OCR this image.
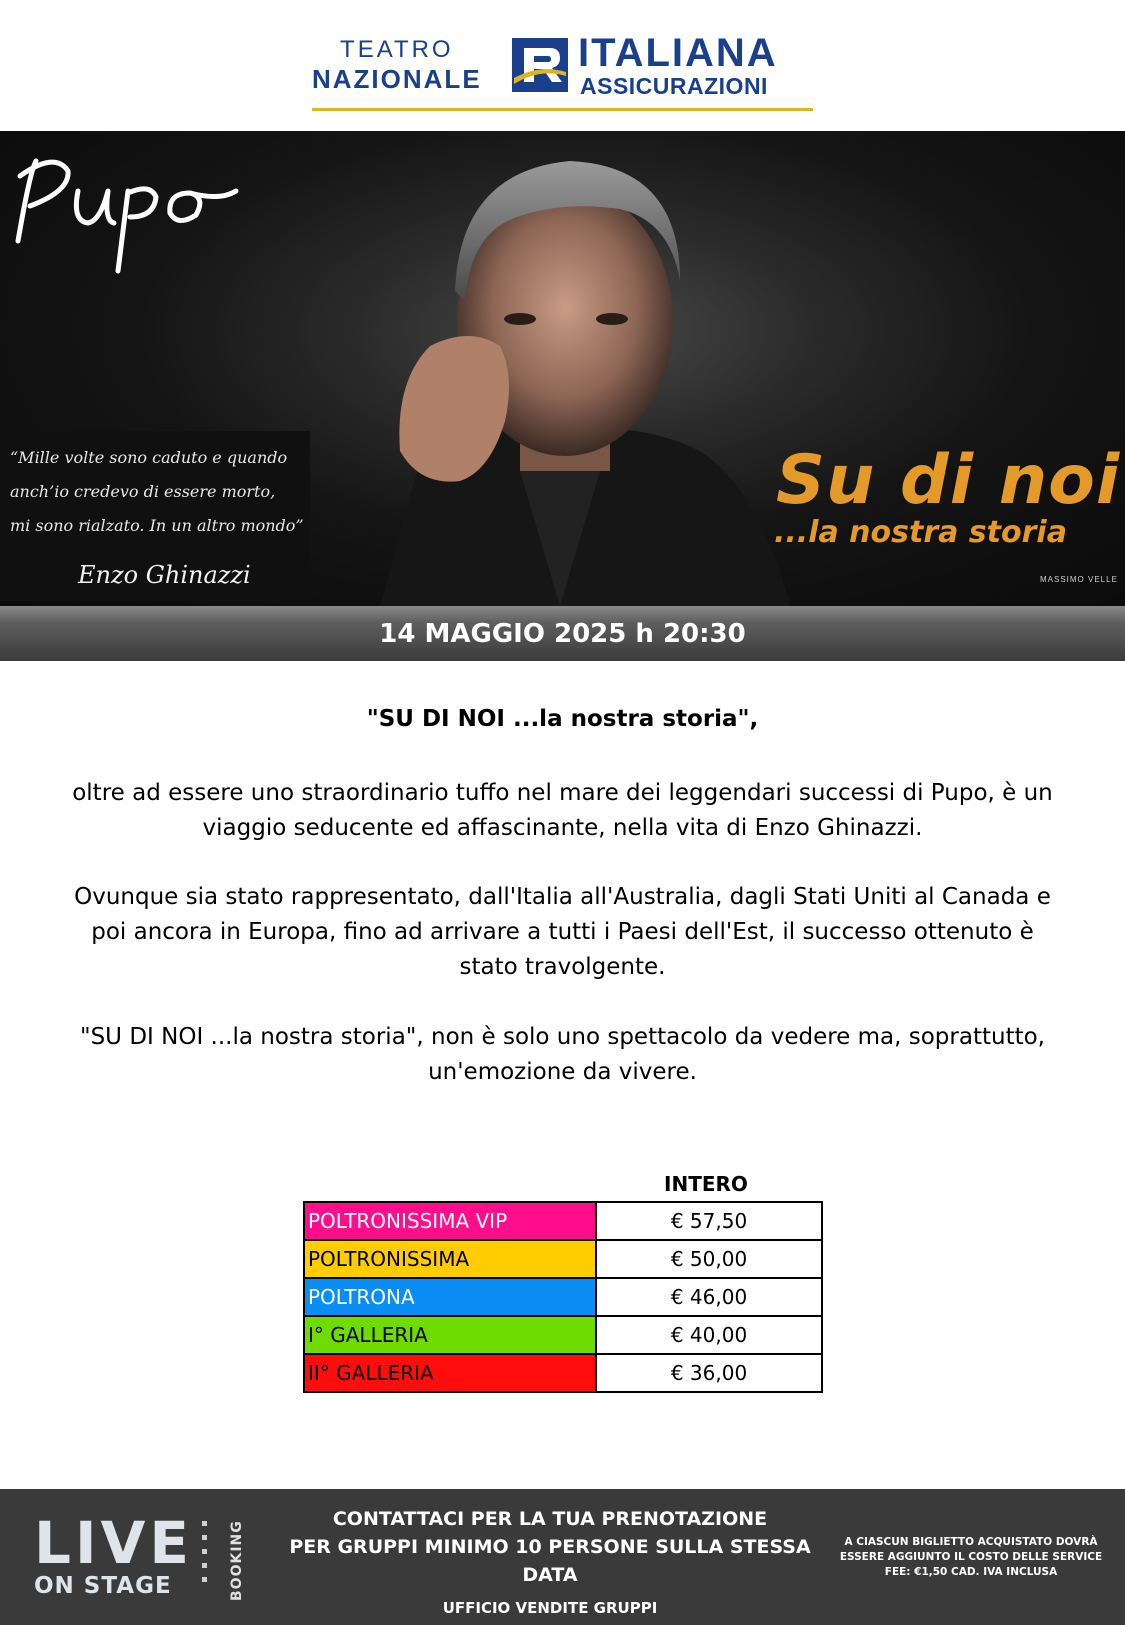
TEATRO
NAZIONALE
ITALIANA
ASSICURAZIONI
“Mille volte sono caduto e quando
anch’io credevo di essere morto,
mi sono rialzato. In un altro mondo”
Enzo Ghinazzi
Su di noi
...la nostra storia
MASSIMO VELLE
14 MAGGIO 2025 h 20:30
"SU DI NOI ...la nostra storia",
oltre ad essere uno straordinario tuffo nel mare dei leggendari successi di Pupo, è un viaggio seducente ed affascinante, nella vita di Enzo Ghinazzi.
Ovunque sia stato rappresentato, dall'Italia all'Australia, dagli Stati Uniti al Canada e poi ancora in Europa, fino ad arrivare a tutti i Paesi dell'Est, il successo ottenuto è stato travolgente.
"SU DI NOI ...la nostra storia", non è solo uno spettacolo da vedere ma, soprattutto, un'emozione da vivere.
INTERO
POLTRONISSIMA VIP	€ 57,50
POLTRONISSIMA	€ 50,00
POLTRONA	€ 46,00
I° GALLERIA	€ 40,00
II° GALLERIA	€ 36,00
LIVE
ON STAGE	BOOKING
CONTATTACI PER LA TUA PRENOTAZIONE
PER GRUPPI MINIMO 10 PERSONE SULLA STESSA DATA
UFFICIO VENDITE GRUPPI
email: b2b@live-onstage.com tel: 348 47 44 478
A CIASCUN BIGLIETTO ACQUISTATO DOVRÀ ESSERE AGGIUNTO IL COSTO DELLE SERVICE FEE: €1,50 CAD. IVA INCLUSA
